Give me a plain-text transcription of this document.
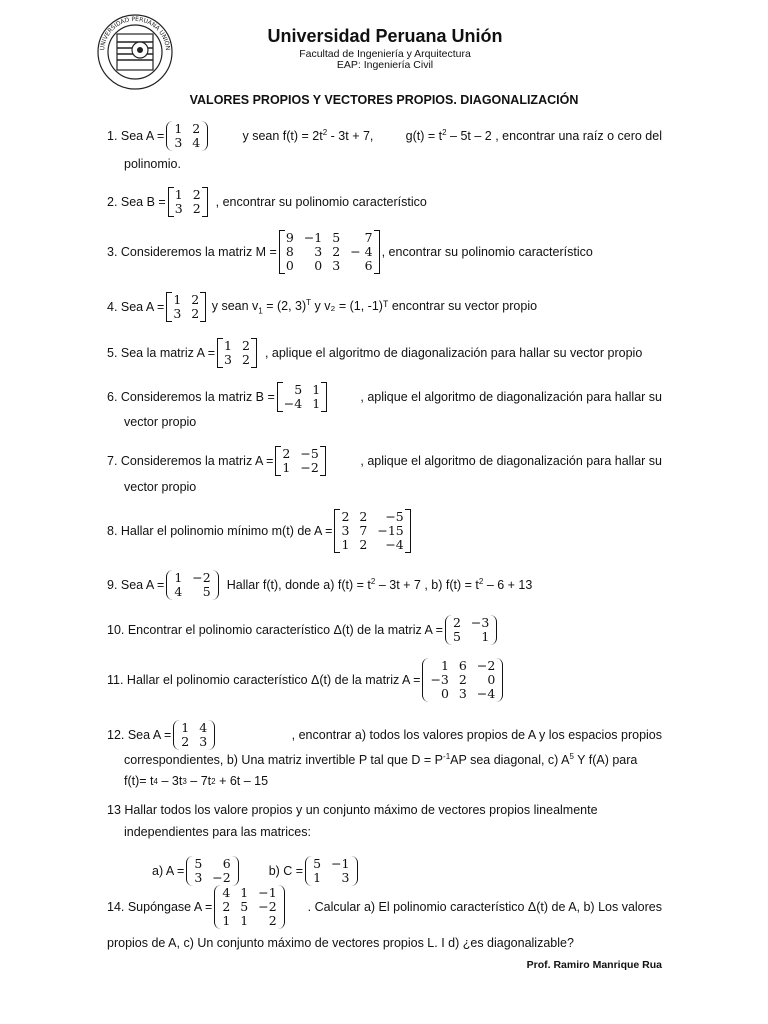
UNIVERSIDAD PERUANA UNIÓN
Universidad Peruana Unión
Facultad de Ingeniería y Arquitectura
EAP: Ingeniería Civil
VALORES PROPIOS Y VECTORES PROPIOS. DIAGONALIZACIÓN
1. Sea A = 1 2
3 4	y sean $f(t) = 2t^2 - 3t + 7$,	$g(t) = t^2 - 5t - 2$ , encontrar una raíz o cero del
polinomio.
2. Sea B = 1 2
3 2 , encontrar su polinomio característico
3. Consideremos la matriz M =
9 −1 5	7
8	3 2 − 4
0	0 3	6
, encontrar su polinomio característico
4. Sea A = 1 2
3 2 y sean $v_1 = (2$, 3)$^T$ y v₂ = (1, -1)ᵀ encontrar su vector propio
5. Sea la matriz A = 1 2
3 2 , aplique el algoritmo de diagonalización para hallar su vector propio
6. Consideremos la matriz B =	5 1
−4 1	, aplique el algoritmo de diagonalización para hallar su
vector propio
7. Consideremos la matriz A = 2 −5
1 −2	, aplique el algoritmo de diagonalización para hallar su
vector propio
8. Hallar el polinomio mínimo m(t) de A =
2 2	−5
3 7 −15
1 2	−4
9. Sea A = 1 −2
4	5 Hallar f(t), donde a) $f(t) = t^2 - 3t + 7$ , b) $f(t) = t^2 - 6 + 13$
10. Encontrar el polinomio característico Δ(t) de la matriz A = 2 −3
5	1
11. Hallar el polinomio característico Δ(t) de la matriz A =
1 6 −2
−3 2	0
0 3 −4
12. Sea A = 1 4
2 3	, encontrar a) todos los valores propios de A y los espacios propios
correspondientes, b) Una matriz invertible P tal que $D = P^{-1}AP$ sea diagonal, c) $A^5$ Y f(A) para
f(t)= t 4
– 3t 3
– 7t 2
+ 6t – 15
13 Hallar todos los valore propios y un conjunto máximo de vectores propios linealmente
independientes para las matrices:
a) A = 5	6
3 −2	b) C = 5 −1
1	3
14. Supóngase A =
4 1 −1
2 5 −2
1 1	2
. Calcular a) El polinomio característico Δ(t) de A, b) Los valores
propios de A, c) Un conjunto máximo de vectores propios L. I d) ¿es diagonalizable?
Prof. Ramiro Manrique Rua
